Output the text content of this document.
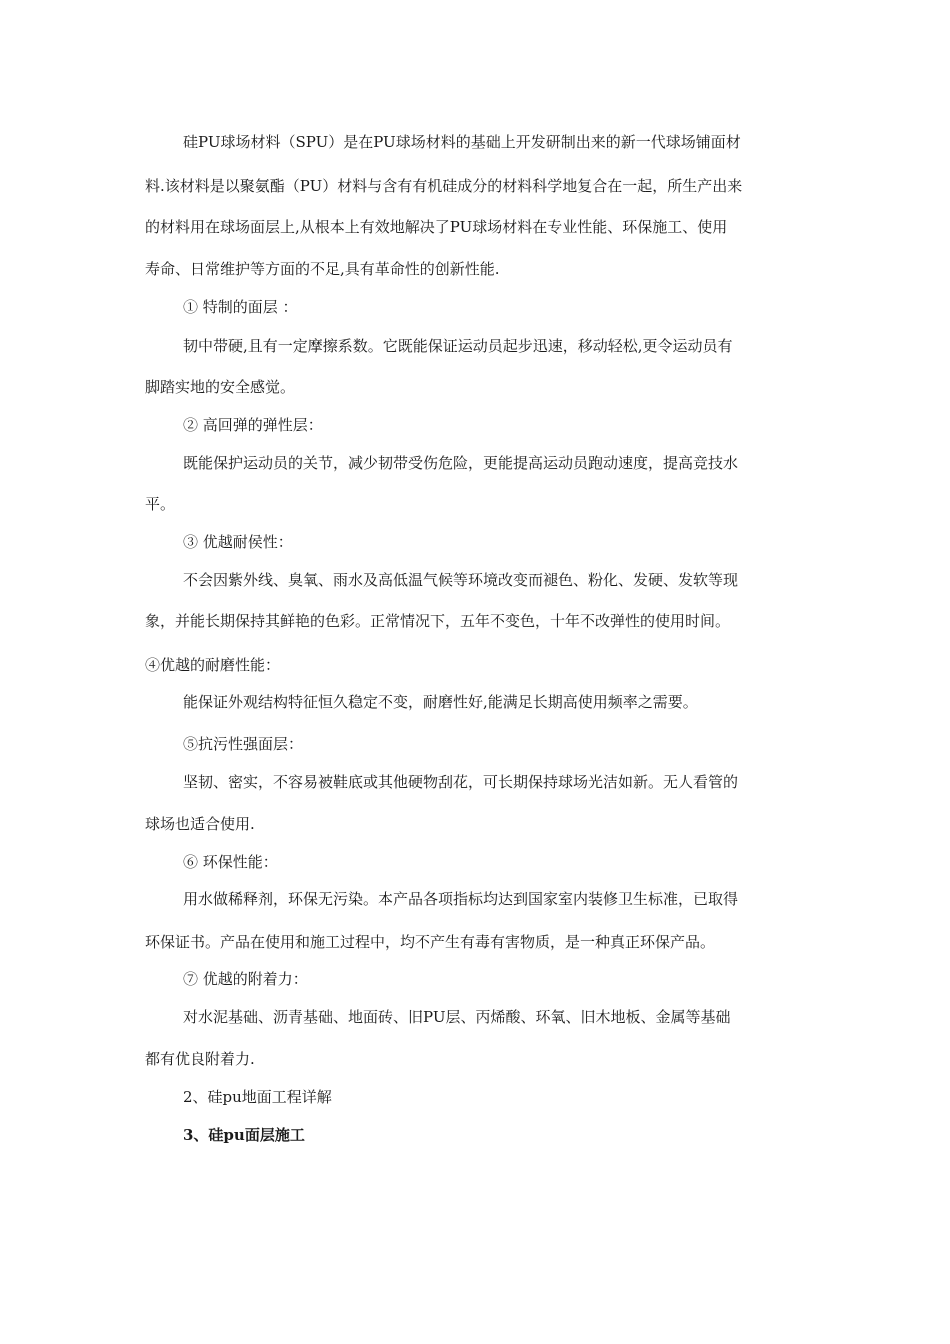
硅PU球场材料（SPU）是在PU球场材料的基础上开发研制出来的新一代球场铺面材
料.该材料是以聚氨酯（PU）材料与含有有机硅成分的材料科学地复合在一起，所生产出来
的材料用在球场面层上,从根本上有效地解决了PU球场材料在专业性能、环保施工、使用
寿命、日常维护等方面的不足,具有革命性的创新性能.
① 特制的面层 ：
韧中带硬,且有一定摩擦系数。它既能保证运动员起步迅速，移动轻松,更令运动员有
脚踏实地的安全感觉。
② 高回弹的弹性层：
既能保护运动员的关节，减少韧带受伤危险，更能提高运动员跑动速度，提高竞技水
平。
③ 优越耐侯性：
不会因紫外线、臭氧、雨水及高低温气候等环境改变而褪色、粉化、发硬、发软等现
象，并能长期保持其鲜艳的色彩。正常情况下，五年不变色，十年不改弹性的使用时间。
④优越的耐磨性能：
能保证外观结构特征恒久稳定不变，耐磨性好,能满足长期高使用频率之需要。
⑤抗污性强面层：
坚韧、密实，不容易被鞋底或其他硬物刮花，可长期保持球场光洁如新。无人看管的
球场也适合使用.
⑥ 环保性能：
用水做稀释剂，环保无污染。本产品各项指标均达到国家室内装修卫生标准，已取得
环保证书。产品在使用和施工过程中，均不产生有毒有害物质，是一种真正环保产品。
⑦ 优越的附着力：
对水泥基础、沥青基础、地面砖、旧PU层、丙烯酸、环氧、旧木地板、金属等基础
都有优良附着力.
2、硅pu地面工程详解
3、硅pu面层施工
